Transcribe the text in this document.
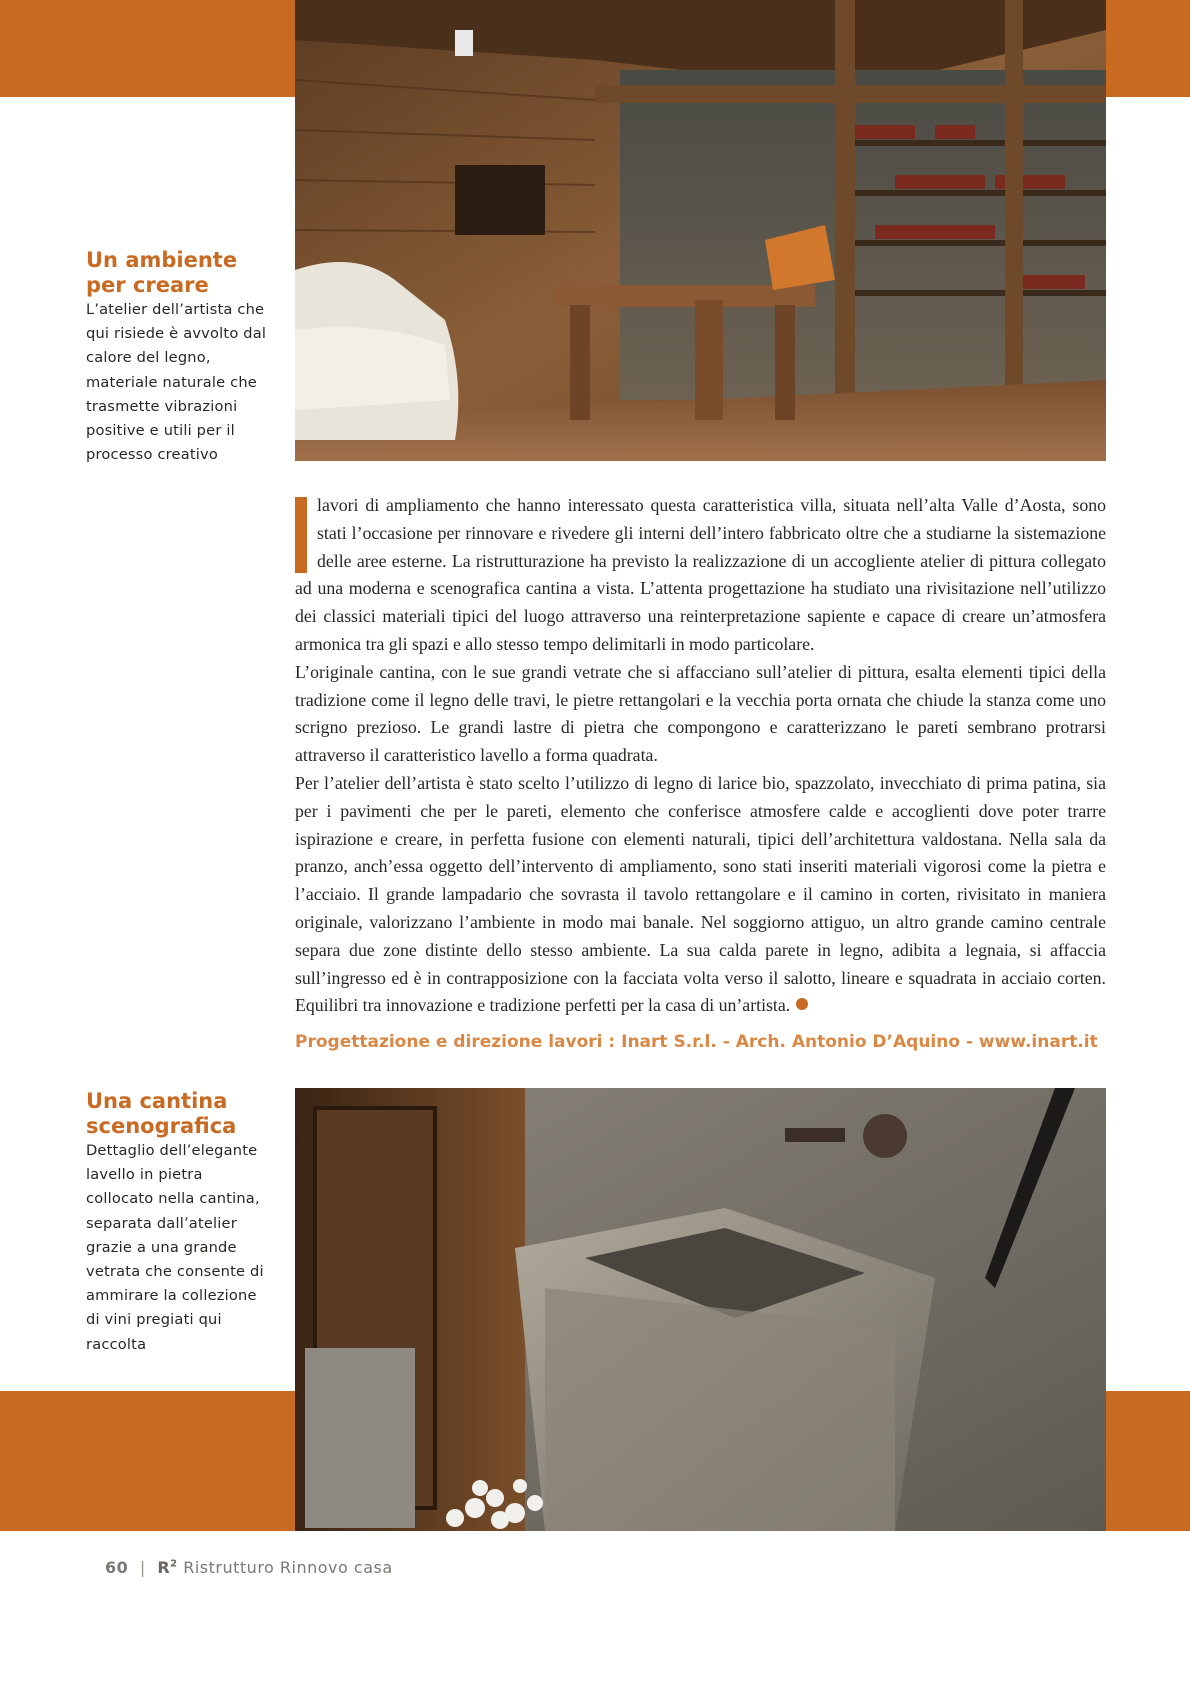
Un ambiente
per creare

L’atelier dell’artista che
qui risiede è avvolto dal
calore del legno,
materiale naturale che
trasmette vibrazioni
positive e utili per il
processo creativo

Una cantina
scenografica

Dettaglio dell’elegante
lavello in pietra
collocato nella cantina,
separata dall’atelier
grazie a una grande
vetrata che consente di
ammirare la collezione
di vini pregiati qui
raccolta

lavori di ampliamento che hanno interessato questa caratteristica villa, situata nell’alta Valle d’Aosta, sono stati l’occasione per rinnovare e rivedere gli interni dell’intero fabbricato oltre che a studiarne la sistemazione delle aree esterne. La ristrutturazione ha previsto la realizzazione di un accogliente atelier di pittura collegato ad una moderna e scenografica cantina a vista. L’attenta progettazione ha studiato una rivisitazione nell’utilizzo dei classici materiali tipici del luogo attraverso una reinterpretazione sapiente e capace di creare un’atmosfera armonica tra gli spazi e allo stesso tempo delimitarli in modo particolare.

L’originale cantina, con le sue grandi vetrate che si affacciano sull’atelier di pittura, esalta elementi tipici della tradizione come il legno delle travi, le pietre rettangolari e la vecchia porta ornata che chiude la stanza come uno scrigno prezioso. Le grandi lastre di pietra che compongono e caratterizzano le pareti sembrano protrarsi attraverso il caratteristico lavello a forma quadrata.

Per l’atelier dell’artista è stato scelto l’utilizzo di legno di larice bio, spazzolato, invecchiato di prima patina, sia per i pavimenti che per le pareti, elemento che conferisce atmosfere calde e accoglienti dove poter trarre ispirazione e creare, in perfetta fusione con elementi naturali, tipici dell’architettura valdostana. Nella sala da pranzo, anch’essa oggetto dell’intervento di ampliamento, sono stati inseriti materiali vigorosi come la pietra e l’acciaio. Il grande lampadario che sovrasta il tavolo rettangolare e il camino in corten, rivisitato in maniera originale, valorizzano l’ambiente in modo mai banale. Nel soggiorno attiguo, un altro grande camino centrale separa due zone distinte dello stesso ambiente. La sua calda parete in legno, adibita a legnaia, si affaccia sull’ingresso ed è in contrapposizione con la facciata volta verso il salotto, lineare e squadrata in acciaio corten. Equilibri tra innovazione e tradizione perfetti per la casa di un’artista.

Progettazione e direzione lavori : Inart S.r.l. - Arch. Antonio D’Aquino - www.inart.it
60 | $R^2$ Ristrutturo Rinnovo casa
